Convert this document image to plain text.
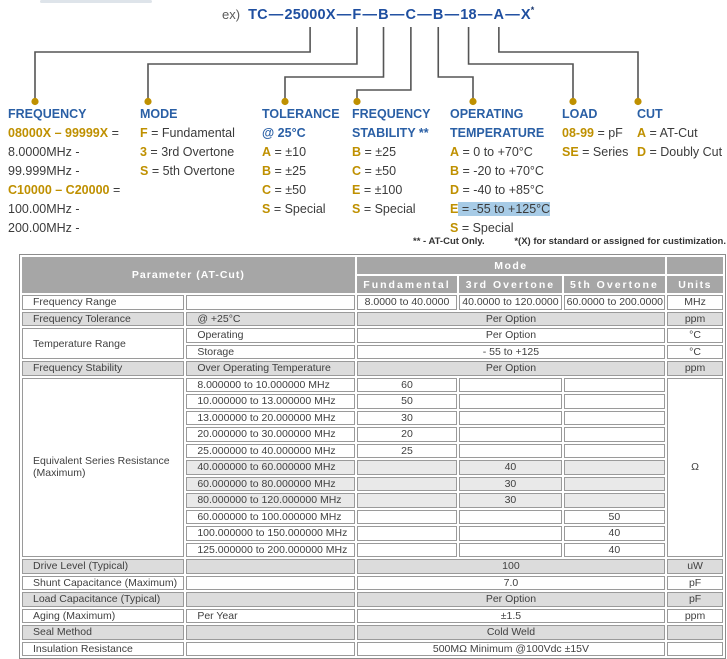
ex) TC—25000X—F—B—C—B—18—A—X*
FREQUENCY
08000X – 99999X =
8.0000MHz -
99.999MHz -
C10000 – C20000 =
100.00MHz -
200.00MHz -
MODE
F = Fundamental
3 = 3rd Overtone
S = 5th Overtone
TOLERANCE
@ 25°C
A = ±10
B = ±25
C = ±50
S = Special
FREQUENCY
STABILITY **
B = ±25
C = ±50
E = ±100
S = Special
OPERATING
TEMPERATURE
A = 0 to +70°C
B = -20 to +70°C
D = -40 to +85°C
E = -55 to +125°C
S = Special
LOAD
08-99 = pF
SE = Series
CUT
A = AT-Cut
D = Doubly Cut
** - AT-Cut Only.	*(X) for standard or assigned for custimization.
Parameter (AT-Cut)		Mode			
		Fundamental	3rd Overtone	5th Overtone	Units
Frequency Range		8.0000 to 40.0000	40.0000 to 120.0000	60.0000 to 200.0000	MHz
Frequency Tolerance	@ +25°C	Per Option			ppm
Temperature Range	Operating	Per Option			°C
	Storage	- 55 to +125			°C
Frequency Stability	Over Operating Temperature	Per Option			ppm
Equivalent Series Resistance (Maximum)	8.000000 to 10.000000 MHz	60			Ω
	10.000000 to 13.000000 MHz	50			
	13.000000 to 20.000000 MHz	30			
	20.000000 to 30.000000 MHz	20			
	25.000000 to 40.000000 MHz	25			
	40.000000 to 60.000000 MHz		40		
	60.000000 to 80.000000 MHz		30		
	80.000000 to 120.000000 MHz		30		
	60.000000 to 100.000000 MHz			50	
	100.000000 to 150.000000 MHz			40	
	125.000000 to 200.000000 MHz			40	
Drive Level (Typical)		100			uW
Shunt Capacitance (Maximum)		7.0			pF
Load Capacitance (Typical)		Per Option			pF
Aging (Maximum)	Per Year	±1.5			ppm
Seal Method		Cold Weld			
Insulation Resistance		500MΩ Minimum @100Vdc ±15V			
